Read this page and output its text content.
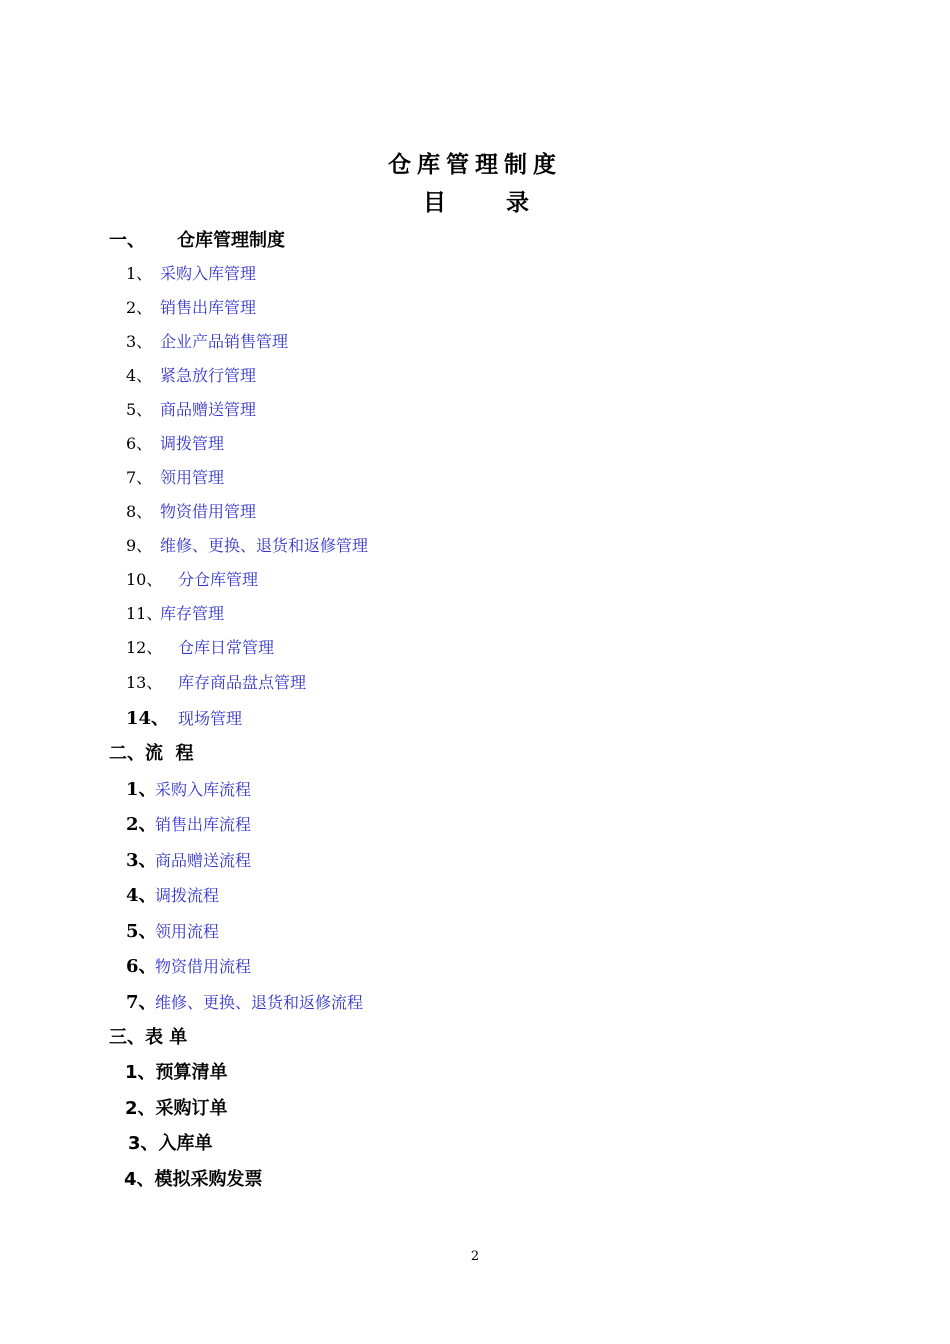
仓库管理制度
目 录
一、 仓库管理制度
1、 采购入库管理
2、 销售出库管理
3、 企业产品销售管理
4、 紧急放行管理
5、 商品赠送管理
6、 调拨管理
7、 领用管理
8、 物资借用管理
9、 维修、更换、退货和返修管理
10、 分仓库管理
11、库存管理
12、 仓库日常管理
13、 库存商品盘点管理
14、 现场管理
二、流  程
1、采购入库流程
2、销售出库流程
3、商品赠送流程
4、调拨流程
5、领用流程
6、物资借用流程
7、维修、更换、退货和返修流程
三、表 单
1、预算清单
2、采购订单
3、入库单
4、模拟采购发票
2
